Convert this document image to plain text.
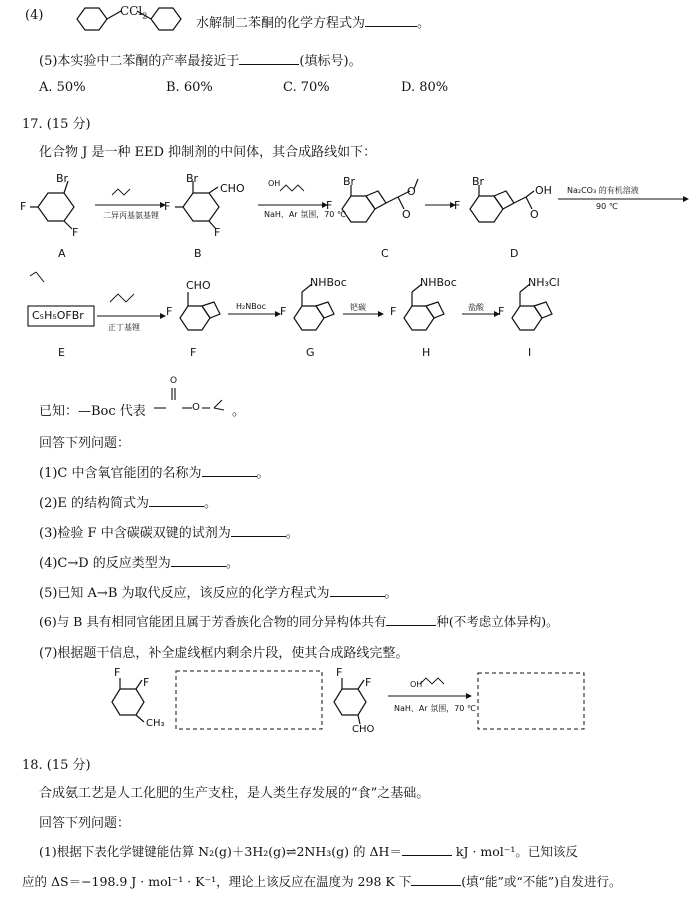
(4)	CCl$_2$
水解制二苯酮的化学方程式为	。
(5)本实验中二苯酮的产率最接近于	(填标号)。
A. 50%	B. 60%	C. 70%	D. 80%
17. (15 分)
化合物 J 是一种 EED 抑制剂的中间体，其合成路线如下：
Br
F
F
二异丙基氨基锂
Br
CHO
F
F
OH
NaH、Ar 氛围，70 ℃
Br
F
O
O
Br
F
OH
O
Na₂CO₃ 的有机溶液
90 ℃
A	B	C	D
C₅H₅OFBr
正丁基锂
CHO
F	H₂NBoc
NHBoc
F	钯碳
NHBoc
F	盐酸
NH₃Cl
F
E	F	G	H	I
已知：—Boc 代表
O
O 。
回答下列问题：
(1)C 中含氧官能团的名称为	。
(2)E 的结构简式为	。
(3)检验 F 中含碳碳双键的试剂为	。
(4)C→D 的反应类型为	。
(5)已知 A→B 为取代反应，该反应的化学方程式为	。
(6)与 B 具有相同官能团且属于芳香族化合物的同分异构体共有	种(不考虑立体异构)。
(7)根据题干信息，补全虚线框内剩余片段，使其合成路线完整。
F
F
CH₃
F
F
CHO
OH
NaH、Ar 氛围，70 ℃
18. (15 分)
合成氨工艺是人工化肥的生产支柱，是人类生存发展的“食”之基础。
回答下列问题：
(1)根据下表化学键键能估算 N₂(g)＋3H₂(g)⇌2NH₃(g) 的 ΔH＝	kJ · mol⁻¹。已知该反
应的 ΔS＝−198.9 J · mol⁻¹ · K⁻¹，理论上该反应在温度为 298 K 下	(填“能”或“不能”)自发进行。
